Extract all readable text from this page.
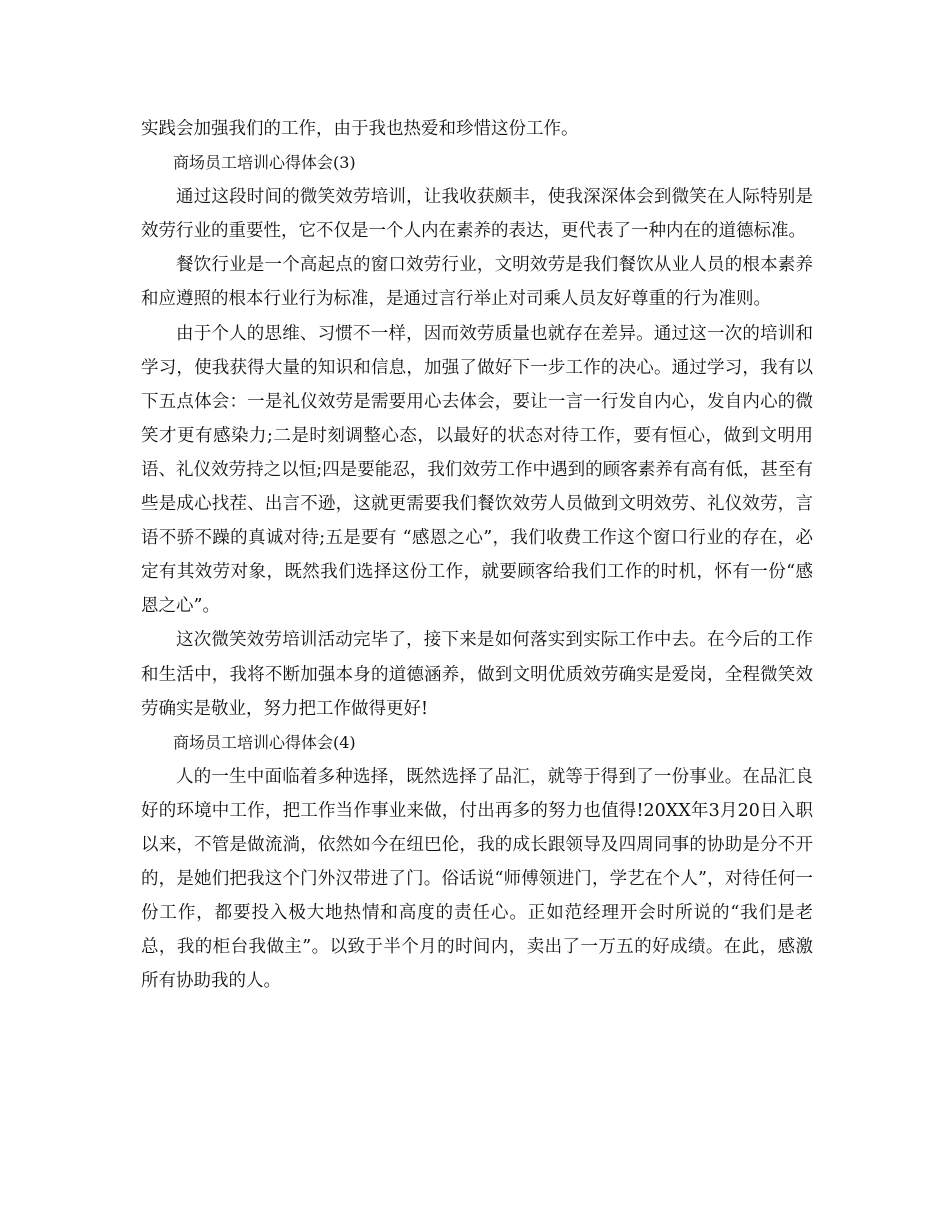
实践会加强我们的工作，由于我也热爱和珍惜这份工作。

商场员工培训心得体会(3)

通过这段时间的微笑效劳培训，让我收获颇丰，使我深深体会到微笑在人际特别是效劳行业的重要性，它不仅是一个人内在素养的表达，更代表了一种内在的道德标准。

餐饮行业是一个高起点的窗口效劳行业，文明效劳是我们餐饮从业人员的根本素养和应遵照的根本行业行为标准，是通过言行举止对司乘人员友好尊重的行为准则。

由于个人的思维、习惯不一样，因而效劳质量也就存在差异。通过这一次的培训和学习，使我获得大量的知识和信息，加强了做好下一步工作的决心。通过学习，我有以下五点体会：一是礼仪效劳是需要用心去体会，要让一言一行发自内心，发自内心的微笑才更有感染力;二是时刻调整心态，以最好的状态对待工作，要有恒心，做到文明用语、礼仪效劳持之以恒;四是要能忍，我们效劳工作中遇到的顾客素养有高有低，甚至有些是成心找茬、出言不逊，这就更需要我们餐饮效劳人员做到文明效劳、礼仪效劳，言语不骄不躁的真诚对待;五是要有 “感恩之心”，我们收费工作这个窗口行业的存在，必定有其效劳对象，既然我们选择这份工作，就要顾客给我们工作的时机，怀有一份“感恩之心”。

这次微笑效劳培训活动完毕了，接下来是如何落实到实际工作中去。在今后的工作和生活中，我将不断加强本身的道德涵养，做到文明优质效劳确实是爱岗，全程微笑效劳确实是敬业，努力把工作做得更好!

商场员工培训心得体会(4)

人的一生中面临着多种选择，既然选择了品汇，就等于得到了一份事业。在品汇良好的环境中工作，把工作当作事业来做，付出再多的努力也值得!20XX年3月20日入职以来，不管是做流淌，依然如今在纽巴伦，我的成长跟领导及四周同事的协助是分不开的，是她们把我这个门外汉带进了门。俗话说“师傅领进门，学艺在个人”，对待任何一份工作，都要投入极大地热情和高度的责任心。正如范经理开会时所说的“我们是老总，我的柜台我做主”。以致于半个月的时间内，卖出了一万五的好成绩。在此，感激所有协助我的人。
